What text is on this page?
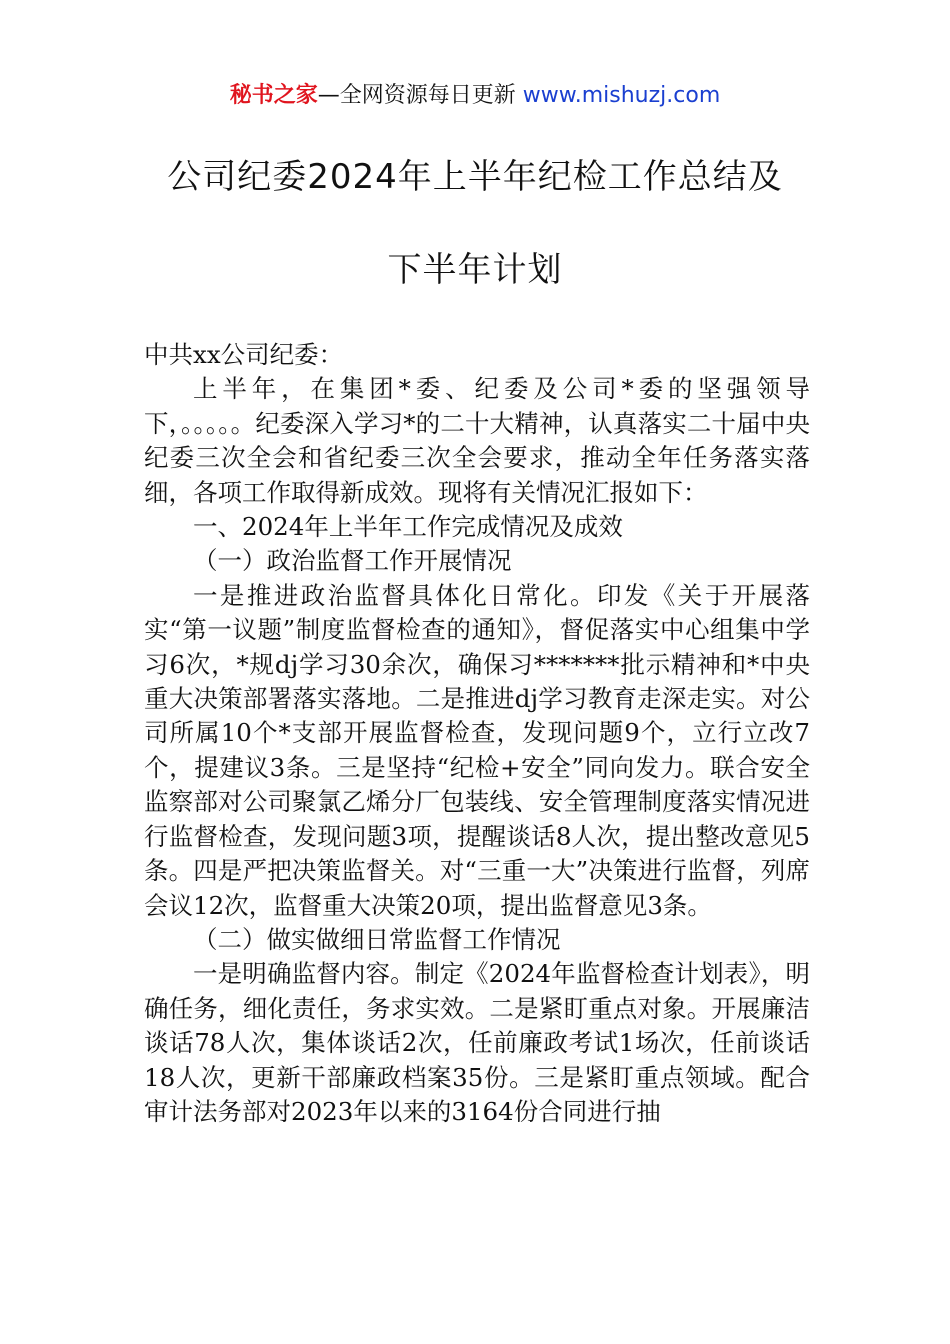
秘书之家—全网资源每日更新 www.mishuzj.com
公司纪委2024年上半年纪检工作总结及
下半年计划

中共xx公司纪委：

上半年，在集团*委、纪委及公司*委的坚强领导下，。。。。。纪委深入学习*的二十大精神，认真落实二十届中央纪委三次全会和省纪委三次全会要求，推动全年任务落实落细，各项工作取得新成效。现将有关情况汇报如下：

一、2024年上半年工作完成情况及成效

（一）政治监督工作开展情况

一是推进政治监督具体化日常化。印发《关于开展落实“第一议题”制度监督检查的通知》，督促落实中心组集中学习6次，*规dj学习30余次，确保习*******批示精神和*中央重大决策部署落实落地。二是推进dj学习教育走深走实。对公司所属10个*支部开展监督检查，发现问题9个，立行立改7个，提建议3条。三是坚持“纪检+安全”同向发力。联合安全监察部对公司聚氯乙烯分厂包装线、安全管理制度落实情况进行监督检查，发现问题3项，提醒谈话8人次，提出整改意见5条。四是严把决策监督关。对“三重一大”决策进行监督，列席会议12次，监督重大决策20项，提出监督意见3条。

（二）做实做细日常监督工作情况

一是明确监督内容。制定《2024年监督检查计划表》，明确任务，细化责任，务求实效。二是紧盯重点对象。开展廉洁谈话78人次，集体谈话2次，任前廉政考试1场次，任前谈话18人次，更新干部廉政档案35份。三是紧盯重点领域。配合审计法务部对2023年以来的3164份合同进行抽
